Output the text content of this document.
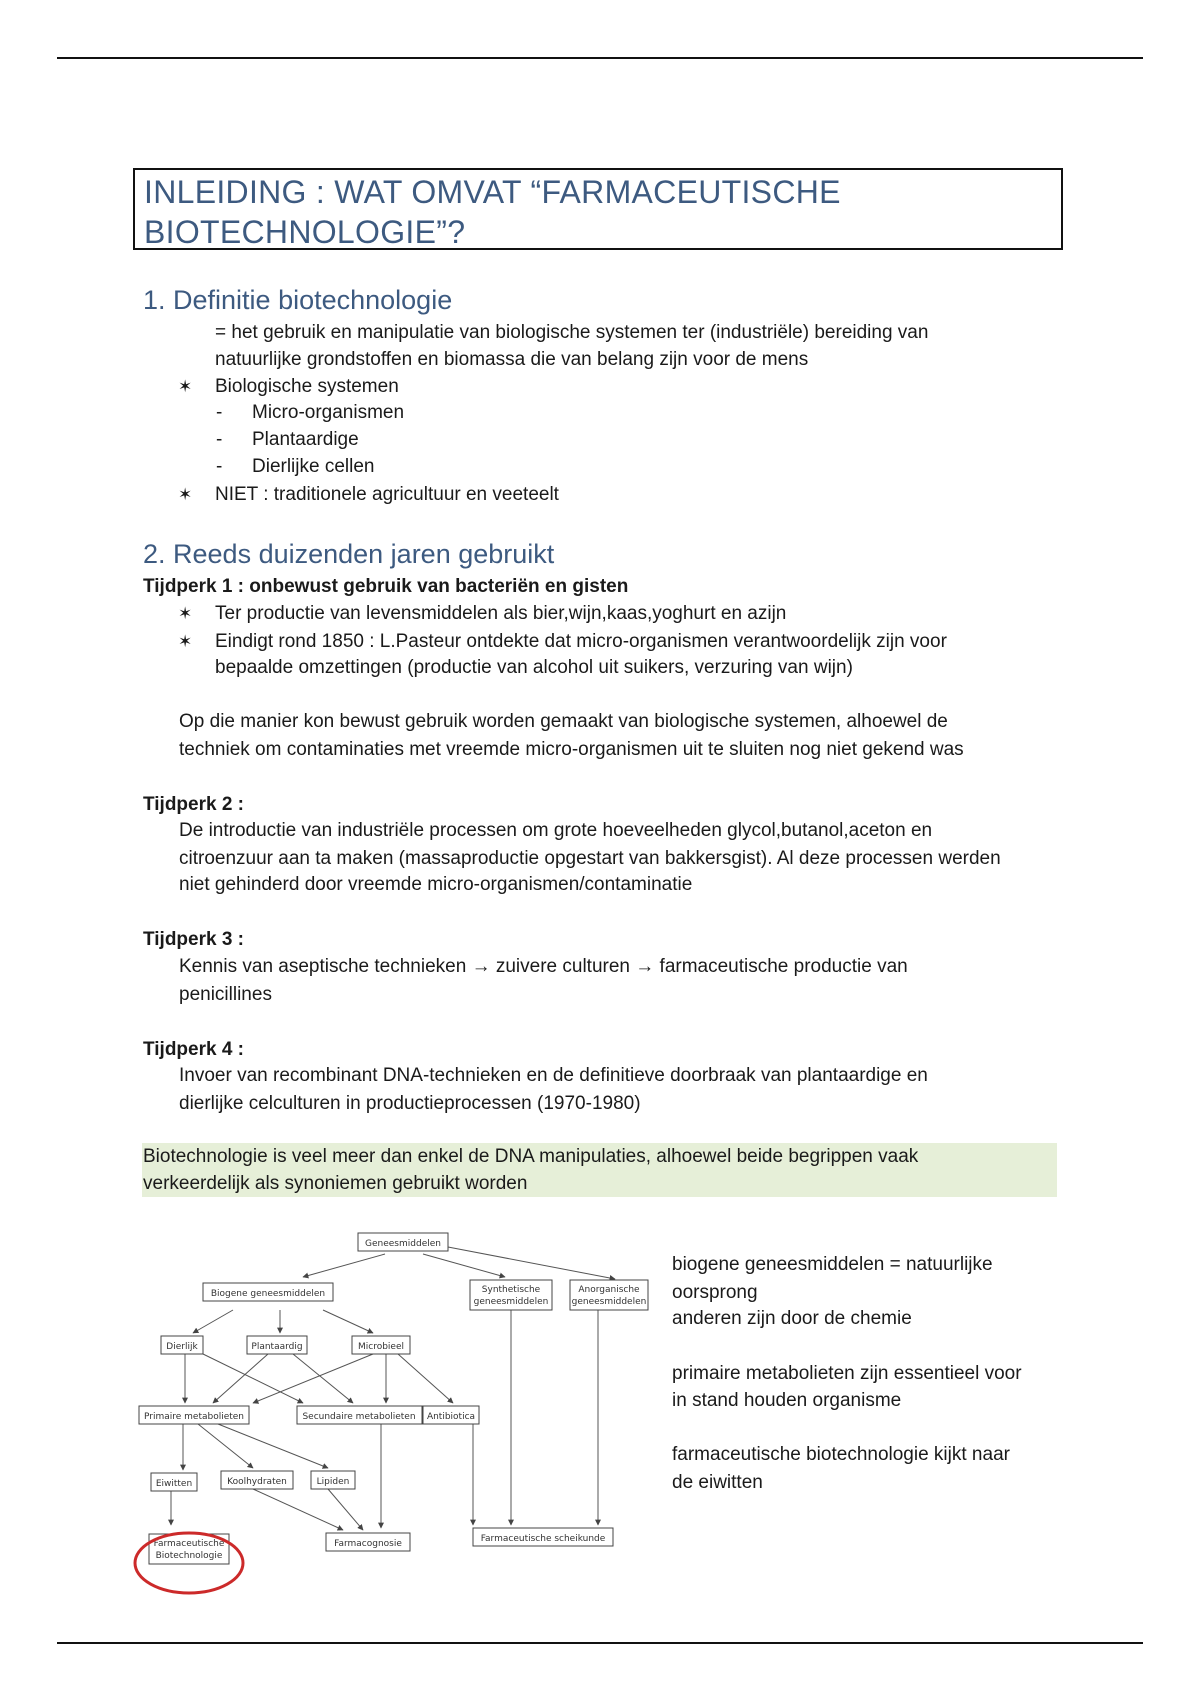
INLEIDING : WAT OMVAT “FARMACEUTISCHE
BIOTECHNOLOGIE”?
1. Definitie biotechnologie
= het gebruik en manipulatie van biologische systemen ter (industriële) bereiding van
natuurlijke grondstoffen en biomassa die van belang zijn voor de mens
✶ Biologische systemen
- Micro-organismen
- Plantaardige
- Dierlijke cellen
✶ NIET : traditionele agricultuur en veeteelt
2. Reeds duizenden jaren gebruikt
Tijdperk 1 : onbewust gebruik van bacteriën en gisten
✶ Ter productie van levensmiddelen als bier,wijn,kaas,yoghurt en azijn
✶ Eindigt rond 1850 : L.Pasteur ontdekte dat micro-organismen verantwoordelijk zijn voor
bepaalde omzettingen (productie van alcohol uit suikers, verzuring van wijn)
Op die manier kon bewust gebruik worden gemaakt van biologische systemen, alhoewel de
techniek om contaminaties met vreemde micro-organismen uit te sluiten nog niet gekend was
Tijdperk 2 :
De introductie van industriële processen om grote hoeveelheden glycol,butanol,aceton en
citroenzuur aan ta maken (massaproductie opgestart van bakkersgist). Al deze processen werden
niet gehinderd door vreemde micro-organismen/contaminatie
Tijdperk 3 :
Kennis van aseptische technieken → zuivere culturen → farmaceutische productie van
penicillines
Tijdperk 4 :
Invoer van recombinant DNA-technieken en de definitieve doorbraak van plantaardige en
dierlijke celculturen in productieprocessen (1970-1980)
Biotechnologie is veel meer dan enkel de DNA manipulaties, alhoewel beide begrippen vaak
verkeerdelijk als synoniemen gebruikt worden
Geneesmiddelen
Biogene geneesmiddelen	Synthetische
geneesmiddelen
Anorganische
geneesmiddelen
Dierlijk	Plantaardig	Microbieel
Primaire metabolieten	Secundaire metabolieten Antibiotica
Eiwitten	Koolhydraten	Lipiden
Farmacognosie	Farmaceutische scheikunde
Farmaceutische
Biotechnologie
biogene geneesmiddelen = natuurlijke
oorsprong
anderen zijn door de chemie
primaire metabolieten zijn essentieel voor
in stand houden organisme
farmaceutische biotechnologie kijkt naar
de eiwitten
